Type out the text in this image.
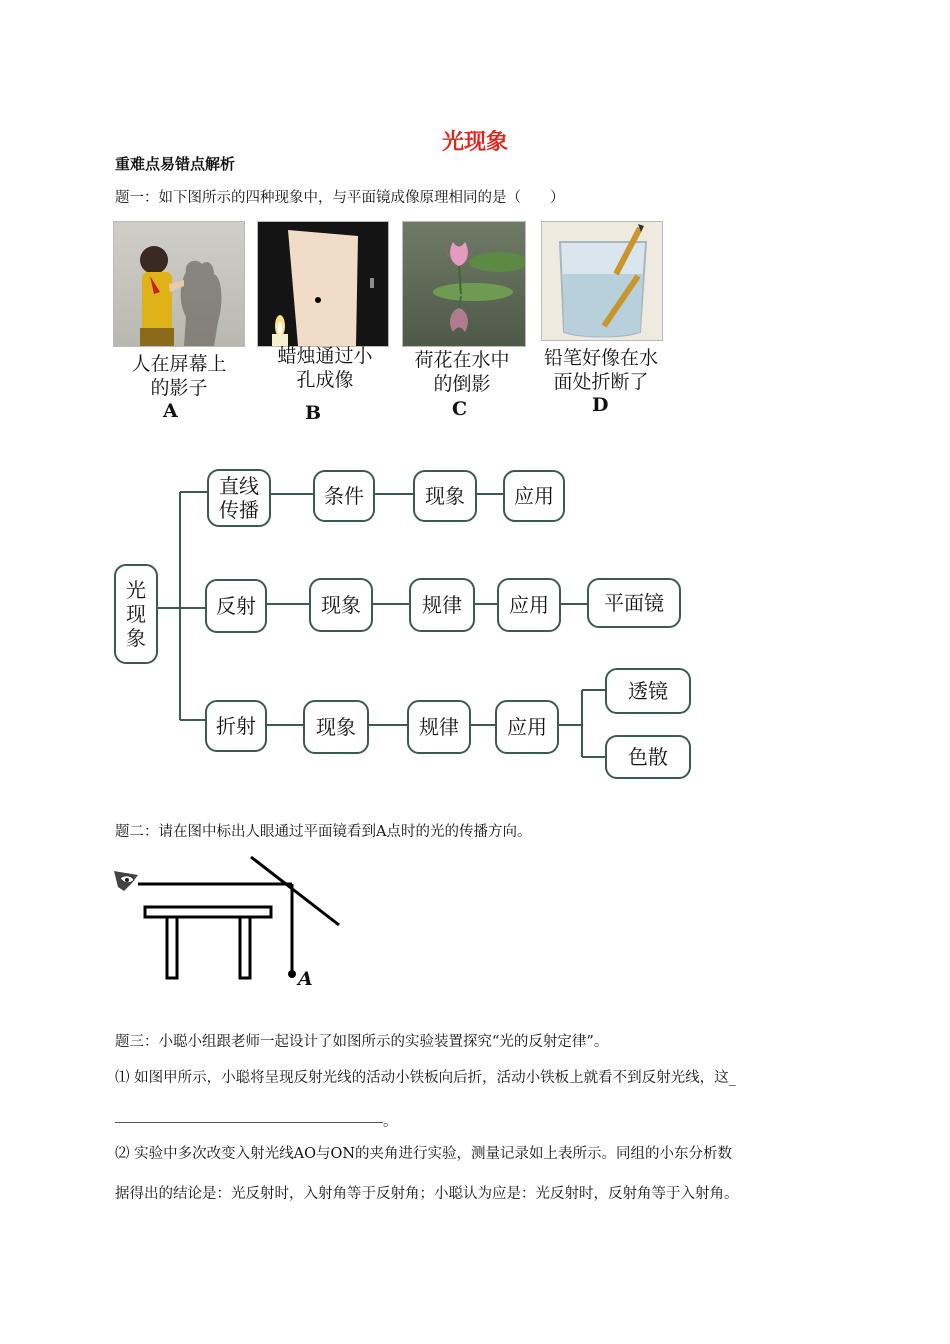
光现象
重难点易错点解析
题一：如下图所示的四种现象中，与平面镜成像原理相同的是（　　）
人在屏幕上
的影子
A
蜡烛通过小
孔成像
B
荷花在水中
的倒影
C
铅笔好像在水
面处折断了
D
光
现
象
直线
传播
条件	现象	应用
反射	现象	规律	应用	平面镜
折射	现象	规律	应用
透镜
色散
题二：请在图中标出人眼通过平面镜看到A点时的光的传播方向。
A
题三：小聪小组跟老师一起设计了如图所示的实验装置探究“光的反射定律”。
⑴ 如图甲所示，小聪将呈现反射光线的活动小铁板向后折，活动小铁板上就看不到反射光线，这_
。
⑵ 实验中多次改变入射光线AO与ON的夹角进行实验，测量记录如上表所示。同组的小东分析数
据得出的结论是：光反射时，入射角等于反射角；小聪认为应是：光反射时，反射角等于入射角。
